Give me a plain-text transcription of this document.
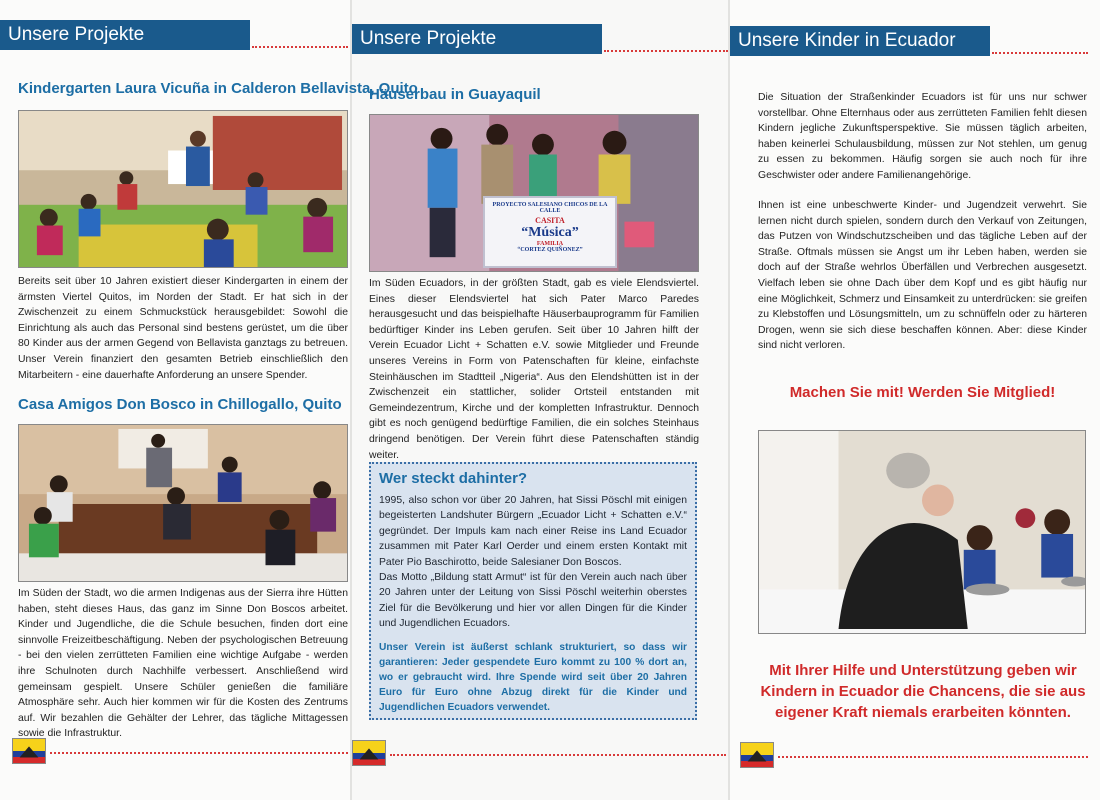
Unsere Projekte
Kindergarten Laura Vicuña in Calderon Bellavista, Quito
Bereits seit über 10 Jahren existiert dieser Kindergarten in einem der ärmsten Viertel Quitos, im Norden der Stadt. Er hat sich in der Zwischenzeit zu einem Schmuckstück herausgebildet: Sowohl die Einrichtung als auch das Personal sind bestens gerüstet, um die über 80 Kinder aus der armen Gegend von Bellavista ganztags zu betreuen. Unser Verein finanziert den gesamten Betrieb einschließlich den Mitarbeitern - eine dauerhafte Anforderung an unsere Spender.
Casa Amigos Don Bosco in Chillogallo, Quito
Im Süden der Stadt, wo die armen Indigenas aus der Sierra ihre Hütten haben, steht dieses Haus, das ganz im Sinne Don Boscos arbeitet. Kinder und Jugendliche, die die Schule besuchen, finden dort eine sinnvolle Freizeitbeschäftigung. Neben der psychologischen Betreuung - bei den vielen zerrütteten Familien eine wichtige Aufgabe - werden ihre Schulnoten durch Nachhilfe verbessert. Anschließend wird gemeinsam gespielt. Unsere Schüler genießen die familiäre Atmosphäre sehr. Auch hier kommen wir für die Kosten des Zentrums auf. Wir bezahlen die Gehälter der Lehrer, das tägliche Mittagessen sowie die Infrastruktur.
Unsere Projekte
Häuserbau in Guayaquil
PROYECTO SALESIANO CHICOS DE LA CALLE
CASITA
“Música”
FAMILIA
“CORTEZ QUIÑONEZ”
Im Süden Ecuadors, in der größten Stadt, gab es viele Elendsviertel. Eines dieser Elendsviertel hat sich Pater Marco Paredes herausgesucht und das beispielhafte Häuserbauprogramm für Familien bedürftiger Kinder ins Leben gerufen. Seit über 10 Jahren hilft der Verein Ecuador Licht + Schatten e.V. sowie Mitglieder und Freunde unseres Vereins in Form von Patenschaften für kleine, einfachste Steinhäuschen im Stadtteil „Nigeria“. Aus den Elendshütten ist in der Zwischenzeit ein stattlicher, solider Ortsteil entstanden mit Gemeindezentrum, Kirche und der kompletten Infrastruktur. Dennoch gibt es noch genügend bedürftige Familien, die ein solches Steinhaus dringend benötigen. Der Verein führt diese Patenschaften ständig weiter.
Wer steckt dahinter?
1995, also schon vor über 20 Jahren, hat Sissi Pöschl mit einigen begeisterten Landshuter Bürgern „Ecuador Licht + Schatten e.V.“ gegründet. Der Impuls kam nach einer Reise ins Land Ecuador zusammen mit Pater Karl Oerder und einem ersten Kontakt mit Pater Pio Baschirotto, beide Salesianer Don Boscos.
Das Motto „Bildung statt Armut“ ist für den Verein auch nach über 20 Jahren unter der Leitung von Sissi Pöschl weiterhin oberstes Ziel für die Bevölkerung und hier vor allen Dingen für die Kinder und Jugendlichen Ecuadors.
Unser Verein ist äußerst schlank strukturiert, so dass wir garantieren: Jeder gespendete Euro kommt zu 100 % dort an, wo er gebraucht wird. Ihre Spende wird seit über 20 Jahren Euro für Euro ohne Abzug direkt für die Kinder und Jugendlichen Ecuadors verwendet.
Unsere Kinder in Ecuador
Die Situation der Straßenkinder Ecuadors ist für uns nur schwer vorstellbar. Ohne Elternhaus oder aus zerrütteten Familien fehlt diesen Kindern jegliche Zukunftsperspektive. Sie müssen täglich arbeiten, haben keinerlei Schulausbildung, müssen zur Not stehlen, um genug zu essen zu bekommen. Häufig sorgen sie auch noch für ihre Geschwister oder andere Familienangehörige.
Ihnen ist eine unbeschwerte Kinder- und Jugendzeit verwehrt. Sie lernen nicht durch spielen, sondern durch den Verkauf von Zeitungen, das Putzen von Windschutzscheiben und das tägliche Leben auf der Straße. Oftmals müssen sie Angst um ihr Leben haben, werden sie doch auf der Straße wehrlos Überfällen und Verbrechen ausgesetzt. Vielfach leben sie ohne Dach über dem Kopf und es gibt häufig nur eine Möglichkeit, Schmerz und Einsamkeit zu unterdrücken: sie greifen zu Klebstoffen und Lösungsmitteln, um zu schnüffeln oder zu härteren Drogen, wenn sie sich diese beschaffen können. Aber: diese Kinder sind nicht verloren.
Machen Sie mit! Werden Sie Mitglied!
Mit Ihrer Hilfe und Unterstützung geben wir Kindern in Ecuador die Chancens, die sie aus eigener Kraft niemals erarbeiten könnten.
